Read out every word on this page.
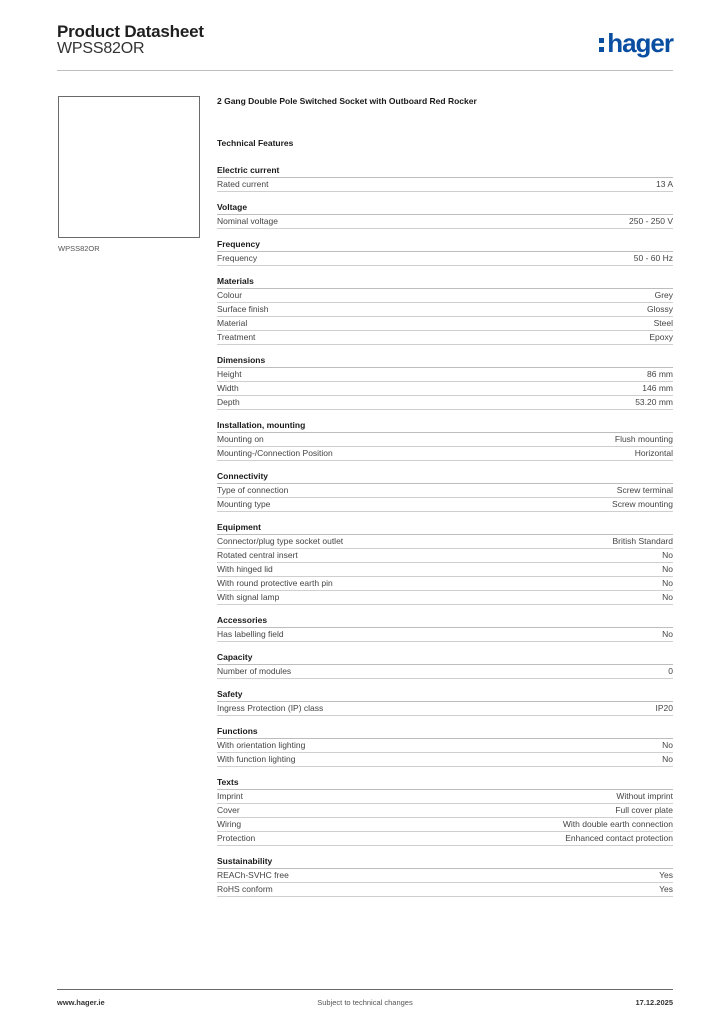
Product Datasheet
WPSS82OR	hager
WPSS82OR
2 Gang Double Pole Switched Socket with Outboard Red Rocker
Technical Features
Electric current
Rated current	13 A
Voltage
Nominal voltage	250 - 250 V
Frequency
Frequency	50 - 60 Hz
Materials
Colour	Grey
Surface finish	Glossy
Material	Steel
Treatment	Epoxy
Dimensions
Height	86 mm
Width	146 mm
Depth	53.20 mm
Installation, mounting
Mounting on	Flush mounting
Mounting-/Connection Position	Horizontal
Connectivity
Type of connection	Screw terminal
Mounting type	Screw mounting
Equipment
Connector/plug type socket outlet	British Standard
Rotated central insert	No
With hinged lid	No
With round protective earth pin	No
With signal lamp	No
Accessories
Has labelling field	No
Capacity
Number of modules	0
Safety
Ingress Protection (IP) class	IP20
Functions
With orientation lighting	No
With function lighting	No
Texts
Imprint	Without imprint
Cover	Full cover plate
Wiring	With double earth connection
Protection	Enhanced contact protection
Sustainability
REACh-SVHC free	Yes
RoHS conform	Yes
www.hager.ie	Subject to technical changes	17.12.2025
